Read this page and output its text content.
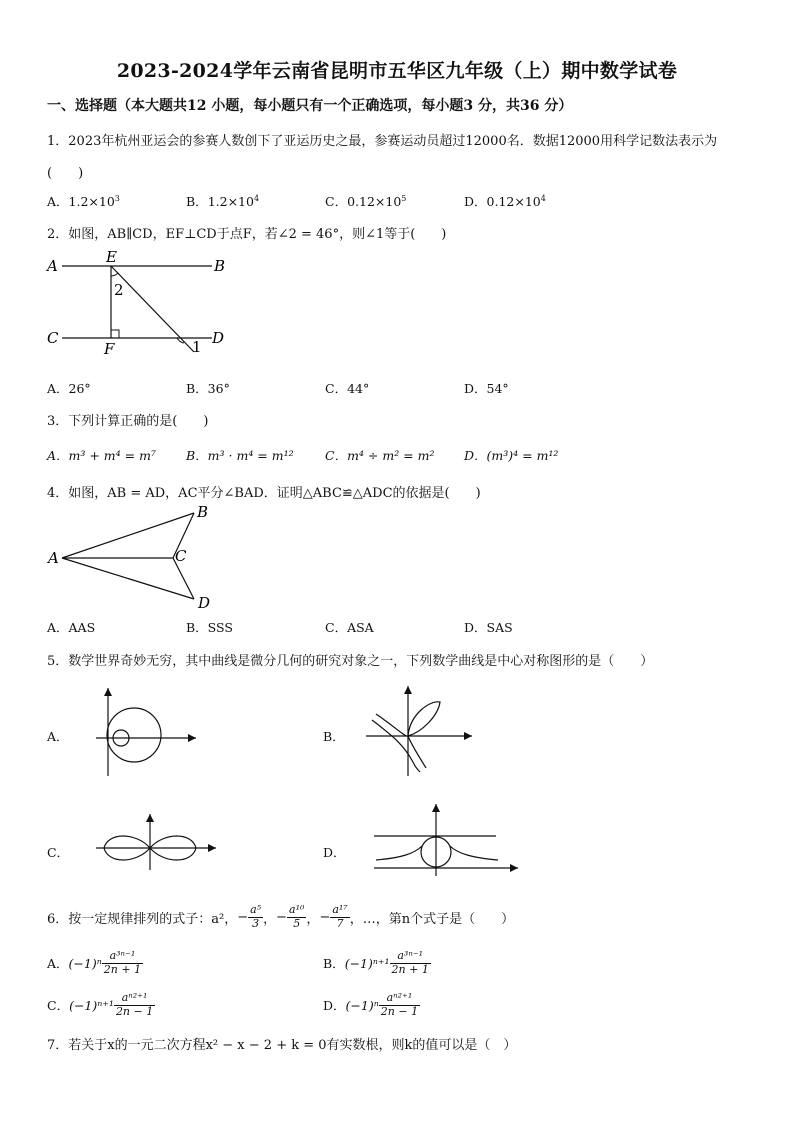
2023-2024学年云南省昆明市五华区九年级（上）期中数学试卷
一、选择题（本大题共12 小题，每小题只有一个正确选项，每小题3 分，共36 分）
1．2023年杭州亚运会的参赛人数创下了亚运历史之最，参赛运动员超过12000名．数据12000用科学记数法表示为
(　　)
A．$1.2\times 10^3$	B．$1.2\times 10^4$	C．$0.12\times 10^5$	D．$0.12\times 10^4$
2．如图，AB∥CD，EF⊥CD于点F，若∠2 = 46°，则∠1等于(　　)
A	E	B
C
F
D
2
1
A．26°	B．36°	C．44°	D．54°
3．下列计算正确的是(　　)
A．m³ + m⁴ = m⁷ B．m³ · m⁴ = m¹²	C．m⁴ ÷ m² = m² D．(m³)⁴ = m¹²
4．如图，AB = AD，AC平分∠BAD．证明△ABC≌△ADC的依据是(　　)
A
B
C
D
A．AAS	B．SSS	C．ASA	D．SAS
5．数学世界奇妙无穷，其中曲线是微分几何的研究对象之一，下列数学曲线是中心对称图形的是（　　）
A．	B．
C．	D．
6．按一定规律排列的式子：a²， − $\frac{\text{a⁵}}{3}$ ， − $\frac{\text{a¹⁰}}{5}$ ， − $\frac{\text{a¹⁷}}{7}$ ，…，第n个式子是（　　）
A． $(-1)^n \frac{\text{a³ⁿ⁻¹}}{2n + 1}$	B． $(-1)^{n+1} \frac{\text{a³ⁿ⁻¹}}{2n + 1}$
C． $(-1)^{n+1} \frac{\text{aⁿ²⁺¹}}{2n - 1}$	D． $(-1)^n \frac{\text{aⁿ²⁺¹}}{2n - 1}$
7．若关于x的一元二次方程x² − x − 2 + k = 0有实数根，则k的值可以是（　）
